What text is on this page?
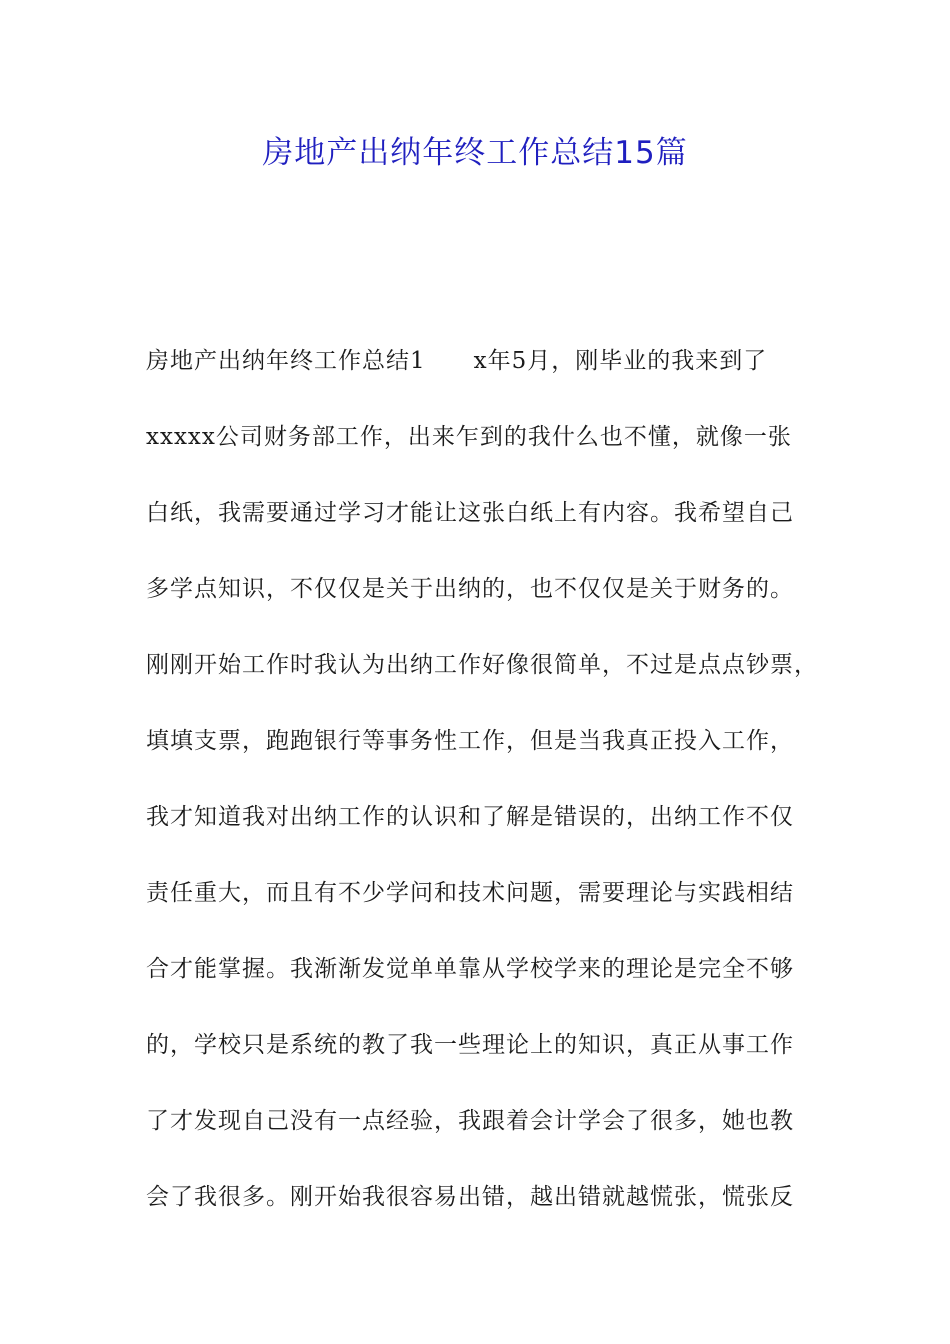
房地产出纳年终工作总结15篇
房地产出纳年终工作总结1　　x年5月，刚毕业的我来到了
xxxxx公司财务部工作，出来乍到的我什么也不懂，就像一张
白纸，我需要通过学习才能让这张白纸上有内容。我希望自己
多学点知识，不仅仅是关于出纳的，也不仅仅是关于财务的。
刚刚开始工作时我认为出纳工作好像很简单，不过是点点钞票，
填填支票，跑跑银行等事务性工作，但是当我真正投入工作，
我才知道我对出纳工作的认识和了解是错误的，出纳工作不仅
责任重大，而且有不少学问和技术问题，需要理论与实践相结
合才能掌握。我渐渐发觉单单靠从学校学来的理论是完全不够
的，学校只是系统的教了我一些理论上的知识，真正从事工作
了才发现自己没有一点经验，我跟着会计学会了很多，她也教
会了我很多。刚开始我很容易出错，越出错就越慌张，慌张反
